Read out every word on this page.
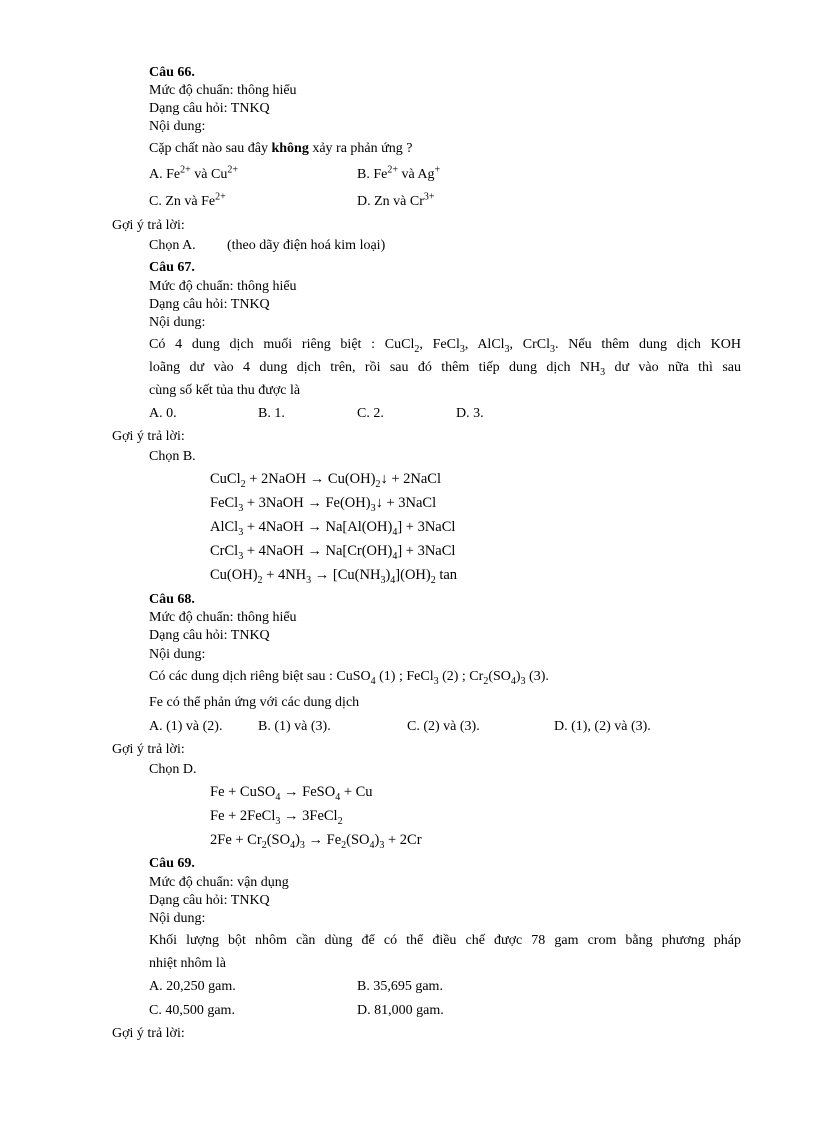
Câu 66.
Mức độ chuẩn: thông hiểu
Dạng câu hỏi: TNKQ
Nội dung:
Cặp chất nào sau đây không xảy ra phản ứng ?
A. $Fe^{2+}$ và $Cu^{2+}$	B. $Fe^{2+}$ và Ag+
C. Zn và $Fe^{2+}$	D. Zn và $Cr^{3+}$
Gợi ý trả lời:
Chọn A. (theo dãy điện hoá kim loại)
Câu 67.
Mức độ chuẩn: thông hiểu
Dạng câu hỏi: TNKQ
Nội dung:
Có 4 dung dịch muối riêng biệt : CuCl$_2$, FeCl$_3$, AlCl$_3$, CrCl$_3$. Nếu thêm dung dịch KOH
loãng dư vào 4 dung dịch trên, rồi sau đó thêm tiếp dung dịch $NH_3$ dư vào nữa thì sau
cùng số kết tủa thu được là
A. 0.	B. 1.	C. 2.	D. 3.
Gợi ý trả lời:
Chọn B.
CuCl$_2$ + 2NaOH → $Cu(OH)_2↓$ + 2NaCl
FeCl$_3$ + 3NaOH → $Fe(OH)_3↓$ + 3NaCl
AlCl$_3$ + 4NaOH → $Na[Al(OH)_4]$ + 3NaCl
CrCl$_3$ + 4NaOH → $Na[Cr(OH)_4]$ + 3NaCl
$Cu(OH)_2 + 4NH_3 \to [Cu(NH_3)_4](OH)_2$ tan
Câu 68.
Mức độ chuẩn: thông hiểu
Dạng câu hỏi: TNKQ
Nội dung:
Có các dung dịch riêng biệt sau : CuSO$_4$ (1) ; FeCl$_3$ (2) ; $Cr_2(SO_4)_3$ (3).
Fe có thể phản ứng với các dung dịch
A. (1) và (2).	B. (1) và (3).	C. (2) và (3).	D. (1), (2) và (3).
Gợi ý trả lời:
Chọn D.
Fe + CuSO$_4$ → FeSO$_4$ + Cu
Fe + 2FeCl$_3$ → 3FeCl$_2$
$2Fe + Cr_2(SO_4)_3 \to Fe_2(SO_4)_3 + 2Cr$
Câu 69.
Mức độ chuẩn: vận dụng
Dạng câu hỏi: TNKQ
Nội dung:
Khối lượng bột nhôm cần dùng để có thể điều chế được 78 gam crom bằng phương pháp
nhiệt nhôm là
A. 20,250 gam.	B. 35,695 gam.
C. 40,500 gam.	D. 81,000 gam.
Gợi ý trả lời:
